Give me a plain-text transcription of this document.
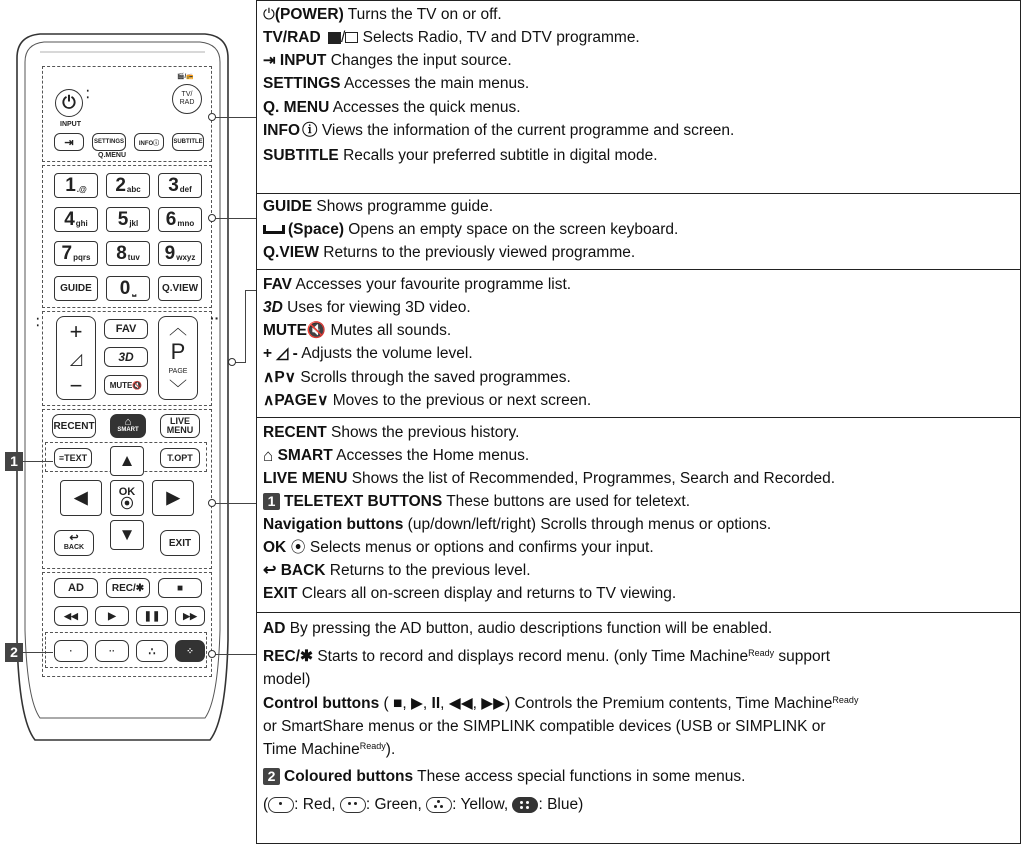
⏻ ⁚
🎬/📻
TV/
RAD
INPUT
⇥	SETTINGS	INFOⓘ	SUBTITLE
Q.MENU
1 .@ 2 abc 3 def
4 ghi 5 jkl 6 mno
7 pqrs 8 tuv 9 wxyz
GUIDE	0 ⎵	Q.VIEW
⁚	··
+
◿
−
FAV
3D
MUTE🔇
︿
P
PAGE
﹀
RECENT	⌂
SMART
LIVE
MENU
≡TEXT	T.OPT
▲
◀	OK
⦿	▶
▼
↩
BACK	EXIT
AD	REC/✱	■
◀◀	▶	❚❚	▶▶
·	··	∴	⁘
1
2
⏻(POWER) Turns the TV on or off.
TV/RAD / Selects Radio, TV and DTV programme.
⇥ INPUT Changes the input source.
SETTINGS Accesses the main menus.
Q. MENU Accesses the quick menus.
INFO ⓘ Views the information of the current programme and screen.
SUBTITLE Recalls your preferred subtitle in digital mode.
GUIDE Shows programme guide.
(Space) Opens an empty space on the screen keyboard.
Q.VIEW Returns to the previously viewed programme.
FAV Accesses your favourite programme list.
3D Uses for viewing 3D video.
MUTE🔇 Mutes all sounds.
+ ◿ - Adjusts the volume level.
∧P∨ Scrolls through the saved programmes.
∧PAGE∨ Moves to the previous or next screen.
RECENT Shows the previous history.
⌂ SMART Accesses the Home menus.
LIVE MENU Shows the list of Recommended, Programmes, Search and Recorded.
1 TELETEXT BUTTONS These buttons are used for teletext.
Navigation buttons (up/down/left/right) Scrolls through menus or options.
OK ⦿ Selects menus or options and confirms your input.
↩ BACK Returns to the previous level.
EXIT Clears all on-screen display and returns to TV viewing.
AD By pressing the AD button, audio descriptions function will be enabled.
REC/✱ Starts to record and displays record menu. (only Time Machine$^{Ready}$ support
model)
Control buttons ( ■, ▶, II, ◀◀, ▶▶) Controls the Premium contents, Time Machine$^{Ready}$
or SmartShare menus or the SIMPLINK compatible devices (USB or SIMPLINK or
Time Machine$^{Ready}$).
2 Coloured buttons These access special functions in some menus.
( : Red,
: Green,
: Yellow,
: Blue)
